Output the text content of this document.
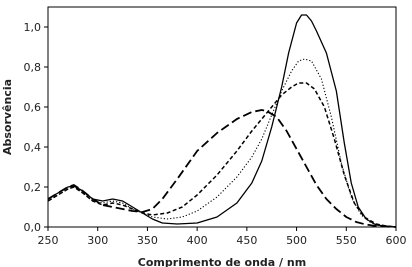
250	300	350	400	450	500	550	600
0,0
0,2
0,4
0,6
0,8
1,0
Comprimento de onda / nm
Absorvência
